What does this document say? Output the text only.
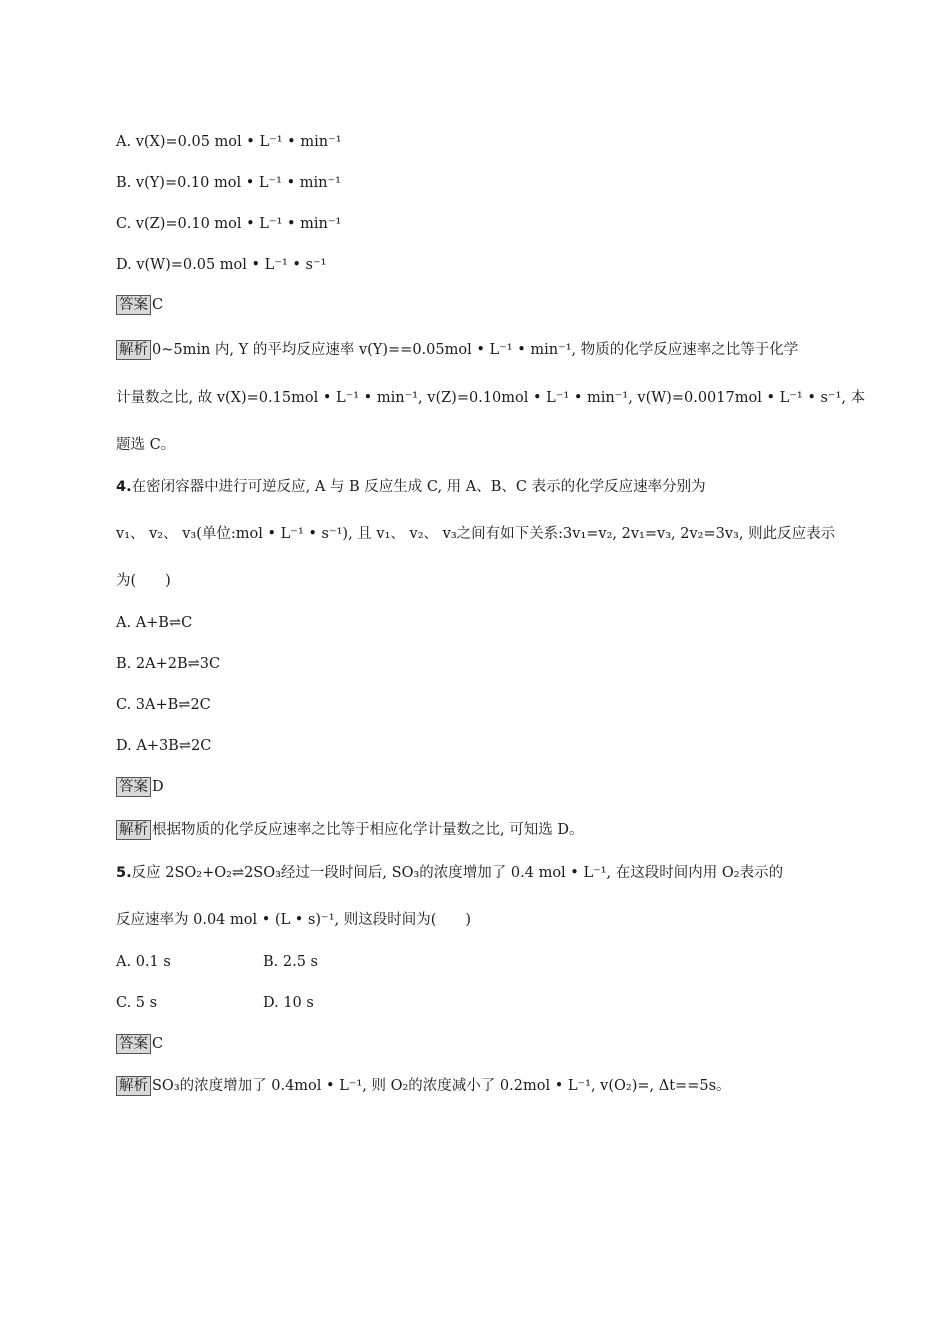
A. v(X)=0.05 mol • L⁻¹ • min⁻¹
B. v(Y)=0.10 mol • L⁻¹ • min⁻¹
C. v(Z)=0.10 mol • L⁻¹ • min⁻¹
D. v(W)=0.05 mol • L⁻¹ • s⁻¹
答案 C
解析 0~5min 内, Y 的平均反应速率 v(Y)==0.05mol • L⁻¹ • min⁻¹, 物质的化学反应速率之比等于化学
计量数之比, 故 v(X)=0.15mol • L⁻¹ • min⁻¹, v(Z)=0.10mol • L⁻¹ • min⁻¹, v(W)=0.0017mol • L⁻¹ • s⁻¹, 本
题选 C。
4.在密闭容器中进行可逆反应, A 与 B 反应生成 C, 用 A、B、C 表示的化学反应速率分别为
v₁、 v₂、 v₃(单位:mol • L⁻¹ • s⁻¹), 且 v₁、 v₂、 v₃之间有如下关系:3v₁=v₂, 2v₁=v₃, 2v₂=3v₃, 则此反应表示
为(　　)
A. A+B⇌C
B. 2A+2B⇌3C
C. 3A+B⇌2C
D. A+3B⇌2C
答案 D
解析 根据物质的化学反应速率之比等于相应化学计量数之比, 可知选 D。
5.反应 2SO₂+O₂⇌2SO₃经过一段时间后, SO₃的浓度增加了 0.4 mol • L⁻¹, 在这段时间内用 O₂表示的
反应速率为 0.04 mol • (L • s)⁻¹, 则这段时间为(　　)
A. 0.1 s	B. 2.5 s
C. 5 s	D. 10 s
答案 C
解析 SO₃的浓度增加了 0.4mol • L⁻¹, 则 O₂的浓度减小了 0.2mol • L⁻¹, v(O₂)=, Δt==5s。
